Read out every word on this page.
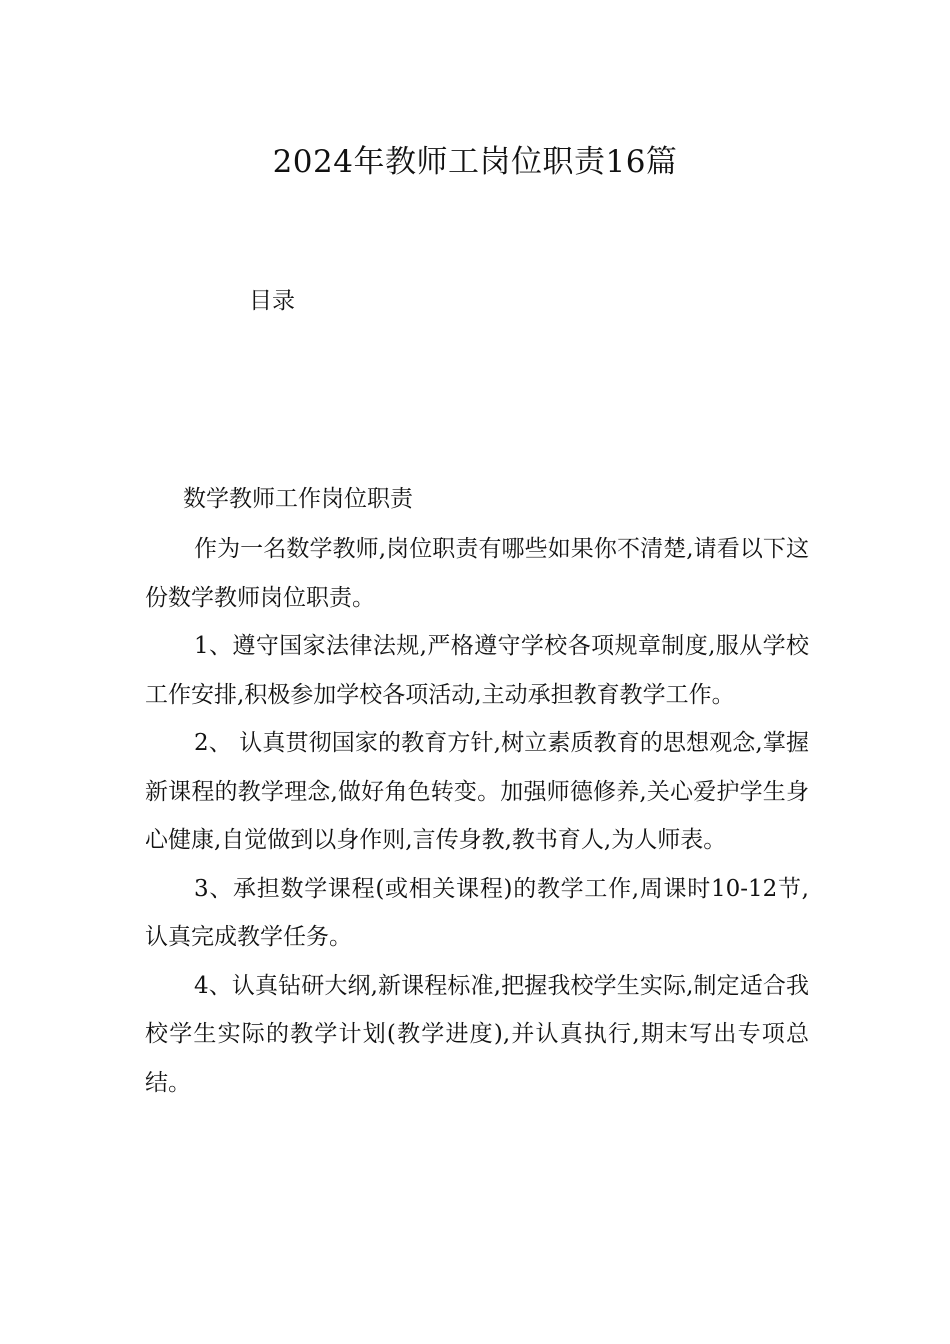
2024年教师工岗位职责16篇
目录
数学教师工作岗位职责

作为一名数学教师,岗位职责有哪些如果你不清楚,请看以下这份数学教师岗位职责。

1、遵守国家法律法规,严格遵守学校各项规章制度,服从学校工作安排,积极参加学校各项活动,主动承担教育教学工作。

2、 认真贯彻国家的教育方针,树立素质教育的思想观念,掌握新课程的教学理念,做好角色转变。加强师德修养,关心爱护学生身心健康,自觉做到以身作则,言传身教,教书育人,为人师表。

3、承担数学课程(或相关课程)的教学工作,周课时10-12节,认真完成教学任务。

4、认真钻研大纲,新课程标准,把握我校学生实际,制定适合我校学生实际的教学计划(教学进度),并认真执行,期末写出专项总结。
